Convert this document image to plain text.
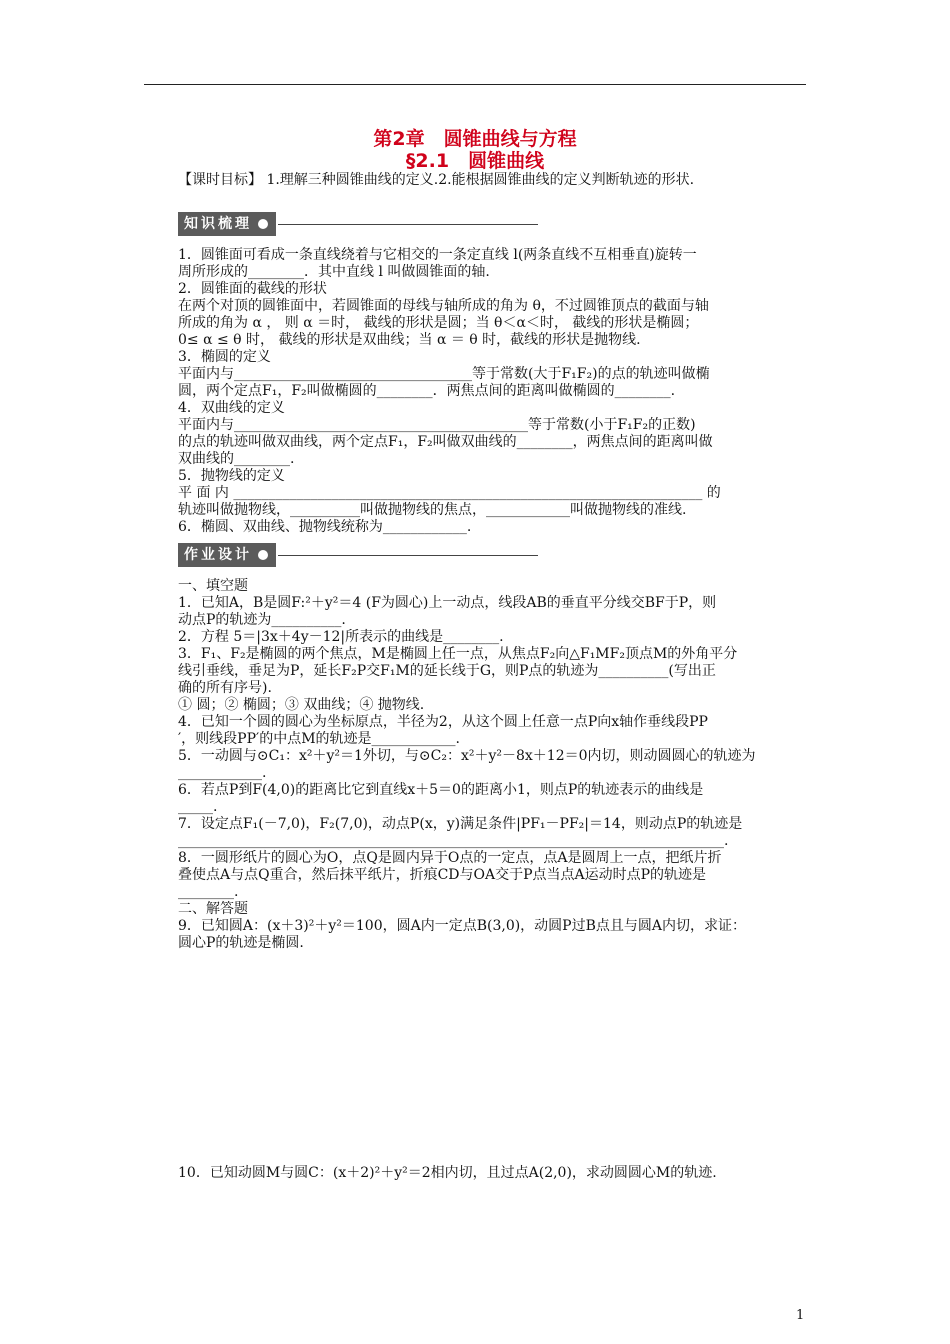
第2章　圆锥曲线与方程
§2.1　圆锥曲线
【课时目标】 1.理解三种圆锥曲线的定义.2.能根据圆锥曲线的定义判断轨迹的形状.
知识梳理
1．圆锥面可看成一条直线绕着与它相交的一条定直线 l(两条直线不互相垂直)旋转一
周所形成的________．其中直线 l 叫做圆锥面的轴.
2．圆锥面的截线的形状
在两个对顶的圆锥面中，若圆锥面的母线与轴所成的角为 θ，不过圆锥顶点的截面与轴
所成的角为 α ， 则 α ＝时， 截线的形状是圆；当 θ＜α＜时， 截线的形状是椭圆；
0≤ α ≤ θ 时， 截线的形状是双曲线；当 α ＝ θ 时，截线的形状是抛物线.
3．椭圆的定义
平面内与__________________________________等于常数(大于F₁F₂)的点的轨迹叫做椭
圆，两个定点F₁，F₂叫做椭圆的________．两焦点间的距离叫做椭圆的________.
4．双曲线的定义
平面内与__________________________________________等于常数(小于F₁F₂的正数)
的点的轨迹叫做双曲线，两个定点F₁，F₂叫做双曲线的________，两焦点间的距离叫做
双曲线的________.
5．抛物线的定义
平 面 内 ___________________________________________________________________ 的
轨迹叫做抛物线，__________叫做抛物线的焦点，____________叫做抛物线的准线.
6．椭圆、双曲线、抛物线统称为____________.
作业设计
一、填空题
1．已知A，B是圆F:²＋y²＝4 (F为圆心)上一动点，线段AB的垂直平分线交BF于P，则
动点P的轨迹为__________.
2．方程 5＝|3x＋4y－12|所表示的曲线是________.
3．F₁、F₂是椭圆的两个焦点，M是椭圆上任一点，从焦点F₂向△F₁MF₂顶点M的外角平分
线引垂线，垂足为P，延长F₂P交F₁M的延长线于G，则P点的轨迹为__________(写出正
确的所有序号).
① 圆；② 椭圆；③ 双曲线；④ 抛物线.
4．已知一个圆的圆心为坐标原点，半径为2，从这个圆上任意一点P向x轴作垂线段PP
′，则线段PP′的中点M的轨迹是____________.
5．一动圆与⊙C₁：x²＋y²＝1外切，与⊙C₂：x²＋y²－8x＋12＝0内切，则动圆圆心的轨迹为
____________.
6．若点P到F(4,0)的距离比它到直线x＋5＝0的距离小1，则点P的轨迹表示的曲线是
_____.
7．设定点F₁(－7,0)，F₂(7,0)，动点P(x，y)满足条件|PF₁－PF₂|＝14，则动点P的轨迹是
______________________________________________________________________________.
8．一圆形纸片的圆心为O，点Q是圆内异于O点的一定点，点A是圆周上一点，把纸片折
叠使点A与点Q重合，然后抹平纸片，折痕CD与OA交于P点当点A运动时点P的轨迹是
________.
二、解答题
9．已知圆A：(x＋3)²＋y²＝100，圆A内一定点B(3,0)，动圆P过B点且与圆A内切，求证：
圆心P的轨迹是椭圆.
10．已知动圆M与圆C：(x＋2)²＋y²＝2相内切，且过点A(2,0)，求动圆圆心M的轨迹.
1
